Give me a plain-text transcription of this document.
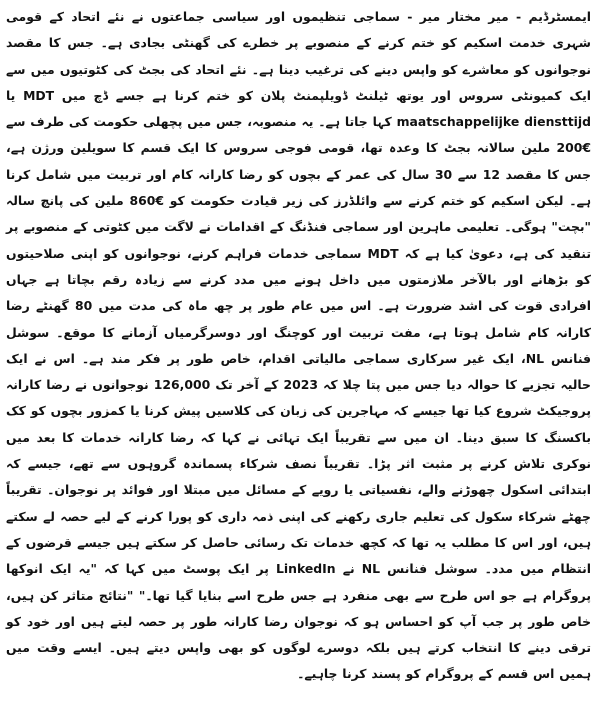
ایمسٹرڈیم - میر مختار میر - سماجی تنظیموں اور سیاسی جماعتوں نے نئے اتحاد کے قومی شہری خدمت اسکیم کو ختم کرنے کے منصوبے پر خطرے کی گھنٹی بجادی ہے۔ جس کا مقصد نوجوانوں کو معاشرے کو واپس دینے کی ترغیب دینا ہے۔ نئے اتحاد کی بجٹ کی کٹوتیوں میں سے ایک کمیونٹی سروس اور یوتھ ٹیلنٹ ڈویلپمنٹ پلان کو ختم کرنا ہے جسے ڈچ میں MDT یا maatschappelijke diensttijd کہا جاتا ہے۔ یہ منصوبہ، جس میں پچھلی حکومت کی طرف سے €200 ملین سالانہ بجٹ کا وعدہ تھا، قومی فوجی سروس کا ایک قسم کا سویلین ورژن ہے، جس کا مقصد 12 سے 30 سال کی عمر کے بچوں کو رضا کارانہ کام اور تربیت میں شامل کرنا ہے۔ لیکن اسکیم کو ختم کرنے سے وائلڈرز کی زیر قیادت حکومت کو €860 ملین کی پانچ سالہ "بچت" ہوگی۔ تعلیمی ماہرین اور سماجی فنڈنگ کے اقدامات نے لاگت میں کٹوتی کے منصوبے پر تنقید کی ہے، دعویٰ کیا ہے کہ MDT سماجی خدمات فراہم کرنے، نوجوانوں کو اپنی صلاحیتوں کو بڑھانے اور بالآخر ملازمتوں میں داخل ہونے میں مدد کرنے سے زیادہ رقم بچاتا ہے جہاں افرادی قوت کی اشد ضرورت ہے۔ اس میں عام طور پر چھ ماہ کی مدت میں 80 گھنٹے رضا کارانہ کام شامل ہوتا ہے، مفت تربیت اور کوچنگ اور دوسرگرمیاں آزمانے کا موقع۔ سوشل فنانس NL، ایک غیر سرکاری سماجی مالیاتی اقدام، خاص طور پر فکر مند ہے۔ اس نے ایک حالیہ تجزیے کا حوالہ دیا جس میں پتا چلا کہ 2023 کے آخر تک 126,000 نوجوانوں نے رضا کارانہ پروجیکٹ شروع کیا تھا جیسے کہ مہاجرین کی زبان کی کلاسیں پیش کرنا یا کمزور بچوں کو کک باکسنگ کا سبق دینا۔ ان میں سے تقریباً ایک تہائی نے کہا کہ رضا کارانہ خدمات کا بعد میں نوکری تلاش کرنے پر مثبت اثر پڑا۔ تقریباً نصف شرکاء پسماندہ گروہوں سے تھے، جیسے کہ ابتدائی اسکول چھوڑنے والے، نفسیاتی یا رویے کے مسائل میں مبتلا اور فوائد پر نوجوان۔ تقریباً چھٹے شرکاء سکول کی تعلیم جاری رکھنے کی اپنی ذمہ داری کو پورا کرنے کے لیے حصہ لے سکتے ہیں، اور اس کا مطلب یہ تھا کہ کچھ خدمات تک رسائی حاصل کر سکتے ہیں جیسے قرضوں کے انتظام میں مدد۔ سوشل فنانس NL نے LinkedIn پر ایک پوسٹ میں کہا کہ "یہ ایک انوکھا پروگرام ہے جو اس طرح سے بھی منفرد ہے جس طرح اسے بنایا گیا تھا۔" "نتائج متاثر کن ہیں، خاص طور پر جب آپ کو احساس ہو کہ نوجوان رضا کارانہ طور پر حصہ لیتے ہیں اور خود کو ترقی دینے کا انتخاب کرتے ہیں بلکہ دوسرے لوگوں کو بھی واپس دیتے ہیں۔ ایسے وقت میں ہمیں اس قسم کے پروگرام کو پسند کرنا چاہیے۔
